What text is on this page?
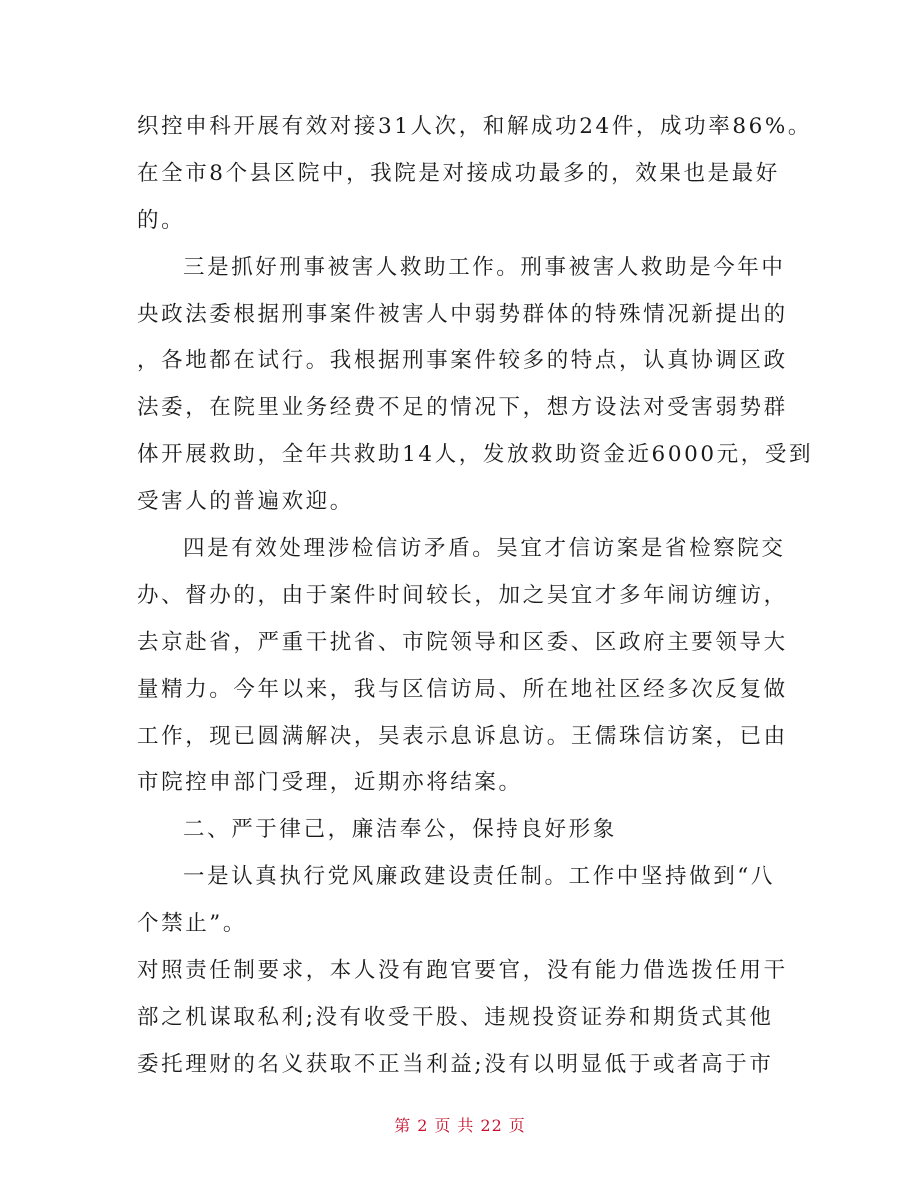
织控申科开展有效对接31人次，和解成功24件，成功率86%。
在全市8个县区院中，我院是对接成功最多的，效果也是最好
的。
三是抓好刑事被害人救助工作。刑事被害人救助是今年中
央政法委根据刑事案件被害人中弱势群体的特殊情况新提出的
，各地都在试行。我根据刑事案件较多的特点，认真协调区政
法委，在院里业务经费不足的情况下，想方设法对受害弱势群
体开展救助，全年共救助14人，发放救助资金近6000元，受到
受害人的普遍欢迎。
四是有效处理涉检信访矛盾。吴宜才信访案是省检察院交
办、督办的，由于案件时间较长，加之吴宜才多年闹访缠访，
去京赴省，严重干扰省、市院领导和区委、区政府主要领导大
量精力。今年以来，我与区信访局、所在地社区经多次反复做
工作，现已圆满解决，吴表示息诉息访。王儒珠信访案，已由
市院控申部门受理，近期亦将结案。
二、严于律己，廉洁奉公，保持良好形象
一是认真执行党风廉政建设责任制。工作中坚持做到“八
个禁止”。
对照责任制要求，本人没有跑官要官，没有能力借选拨任用干
部之机谋取私利;没有收受干股、违规投资证券和期货式其他
委托理财的名义获取不正当利益;没有以明显低于或者高于市
第 2 页 共 22 页
